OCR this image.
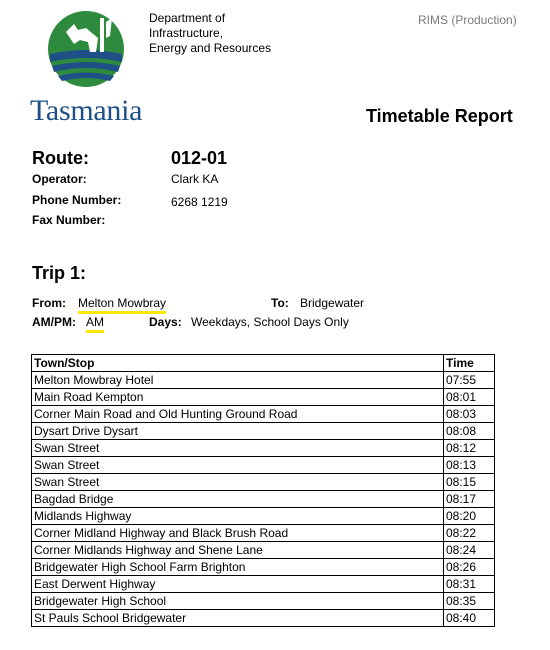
Tasmania
Department of
Infrastructure,
Energy and Resources
RIMS (Production)
Timetable Report
Route:	012-01
Operator:	Clark KA
Phone Number:	6268 1219
Fax Number:
Trip 1:
From: Melton Mowbray	To: Bridgewater
AM/PM: AM	Days: Weekdays, School Days Only
Town/Stop	Time
Melton Mowbray Hotel	07:55
Main Road Kempton	08:01
Corner Main Road and Old Hunting Ground Road	08:03
Dysart Drive Dysart	08:08
Swan Street	08:12
Swan Street	08:13
Swan Street	08:15
Bagdad Bridge	08:17
Midlands Highway	08:20
Corner Midland Highway and Black Brush Road	08:22
Corner Midlands Highway and Shene Lane	08:24
Bridgewater High School Farm Brighton	08:26
East Derwent Highway	08:31
Bridgewater High School	08:35
St Pauls School Bridgewater	08:40
